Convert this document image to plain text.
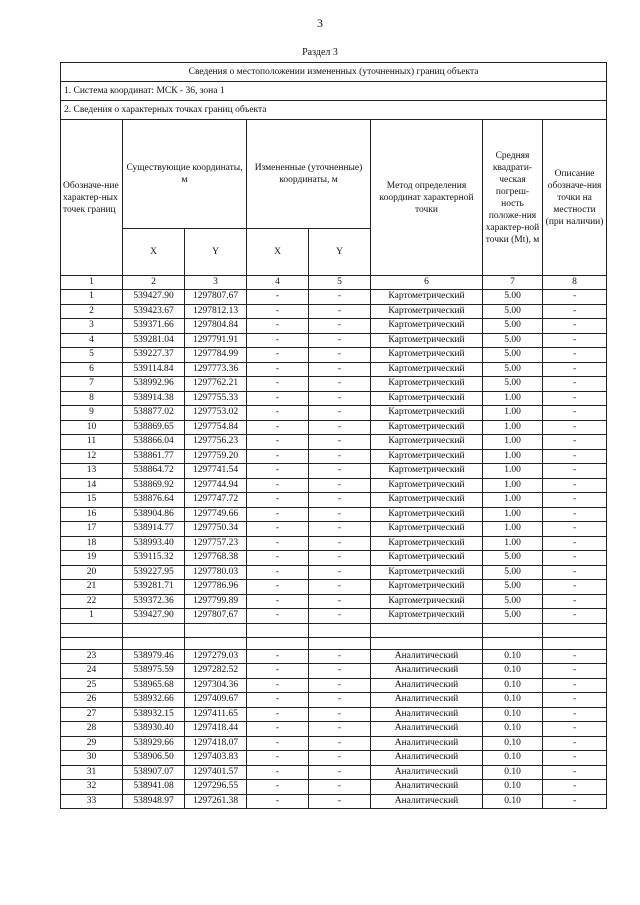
3
Раздел 3
Сведения о местоположении измененных (уточненных) границ объекта							
1. Система координат: МСК - 36, зона 1							
2. Сведения о характерных точках границ объекта							
Обозначе-ние характер-ных точек границ	Существующие координаты, м		Измененные (уточненные) координаты, м		Метод определения координат характерной точки	Средняя квадрати-ческая погреш-ность положе-ния характер-ной точки (Mt), м	Описание обозначе-ния точки на местности (при наличии)
	X	Y	X	Y			
1	2	3	4	5	6	7	8
1	539427.90	1297807.67	-	-	Картометрический	5.00	-
2	539423.67	1297812.13	-	-	Картометрический	5.00	-
3	539371.66	1297804.84	-	-	Картометрический	5.00	-
4	539281.04	1297791.91	-	-	Картометрический	5.00	-
5	539227.37	1297784.99	-	-	Картометрический	5.00	-
6	539114.84	1297773.36	-	-	Картометрический	5.00	-
7	538992.96	1297762.21	-	-	Картометрический	5.00	-
8	538914.38	1297755.33	-	-	Картометрический	1.00	-
9	538877.02	1297753.02	-	-	Картометрический	1.00	-
10	538869.65	1297754.84	-	-	Картометрический	1.00	-
11	538866.04	1297756.23	-	-	Картометрический	1.00	-
12	538861.77	1297759.20	-	-	Картометрический	1.00	-
13	538864.72	1297741.54	-	-	Картометрический	1.00	-
14	538869.92	1297744.94	-	-	Картометрический	1.00	-
15	538876.64	1297747.72	-	-	Картометрический	1.00	-
16	538904.86	1297749.66	-	-	Картометрический	1.00	-
17	538914.77	1297750.34	-	-	Картометрический	1.00	-
18	538993.40	1297757.23	-	-	Картометрический	1.00	-
19	539115.32	1297768.38	-	-	Картометрический	5.00	-
20	539227.95	1297780.03	-	-	Картометрический	5.00	-
21	539281.71	1297786.96	-	-	Картометрический	5.00	-
22	539372.36	1297799.89	-	-	Картометрический	5.00	-
1	539427.90	1297807.67	-	-	Картометрический	5.00	-

23	538979.46	1297279.03	-	-	Аналитический	0.10	-
24	538975.59	1297282.52	-	-	Аналитический	0.10	-
25	538965.68	1297304.36	-	-	Аналитический	0.10	-
26	538932.66	1297409.67	-	-	Аналитический	0.10	-
27	538932.15	1297411.65	-	-	Аналитический	0.10	-
28	538930.40	1297418.44	-	-	Аналитический	0.10	-
29	538929.66	1297418.07	-	-	Аналитический	0.10	-
30	538906.50	1297403.83	-	-	Аналитический	0.10	-
31	538907.07	1297401.57	-	-	Аналитический	0.10	-
32	538941.08	1297296.55	-	-	Аналитический	0.10	-
33	538948.97	1297261.38	-	-	Аналитический	0.10	-
